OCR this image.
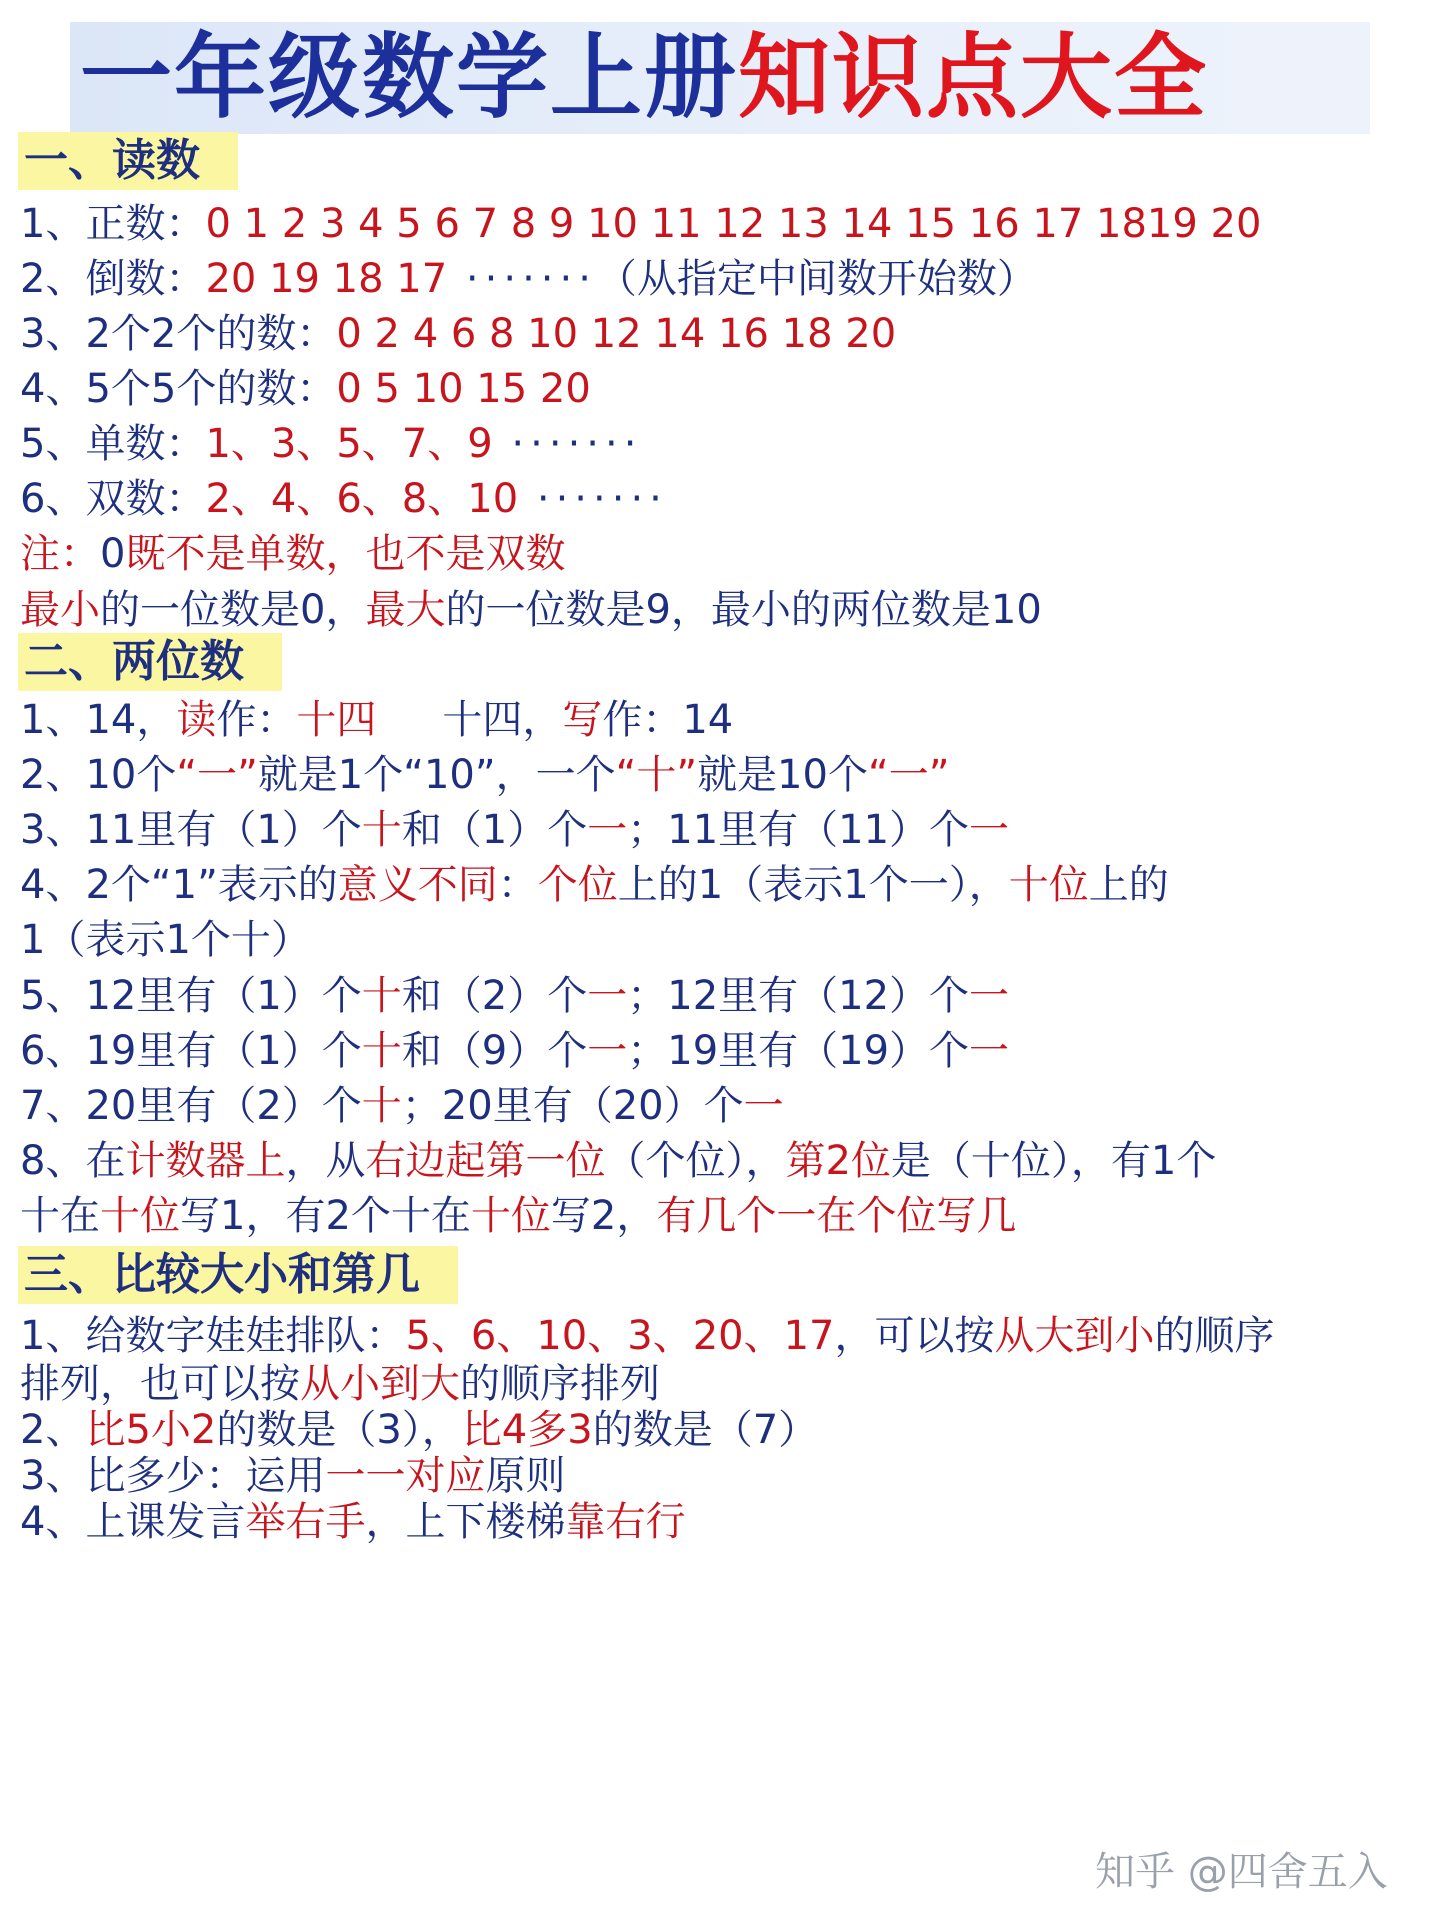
一年级数学上册知识点大全
一、读数
1、正数：0 1 2 3 4 5 6 7 8 9 10 11 12 13 14 15 16 17 1819 20
2、倒数：20 19 18 17 ······· （从指定中间数开始数）
3、2个2个的数：0 2 4 6 8 10 12 14 16 18 20
4、5个5个的数：0 5 10 15 20
5、单数：1、3、5、7、9 ·······
6、双数：2、4、6、8、10 ·······
注：0既不是单数，也不是双数
最小的一位数是0，最大的一位数是9，最小的两位数是10
二、两位数
1、14，读作：十四 十四，写作：14
2、10个“一”就是1个“10”，一个“十”就是10个“一”
3、11里有（1）个十和（1）个一；11里有（11）个一
4、2个“1”表示的意义不同：个位上的1（表示1个一），十位上的
1（表示1个十）
5、12里有（1）个十和（2）个一；12里有（12）个一
6、19里有（1）个十和（9）个一；19里有（19）个一
7、20里有（2）个十；20里有（20）个一
8、在计数器上，从右边起第一位（个位），第2位是（十位），有1个
十在十位写1，有2个十在十位写2，有几个一在个位写几
三、比较大小和第几
1、给数字娃娃排队：5、6、10、3、20、17，可以按从大到小的顺序
排列，也可以按从小到大的顺序排列
2、比5小2的数是（3），比4多3的数是（7）
3、比多少：运用一一对应原则
4、上课发言举右手，上下楼梯靠右行
知乎 @四舍五入
